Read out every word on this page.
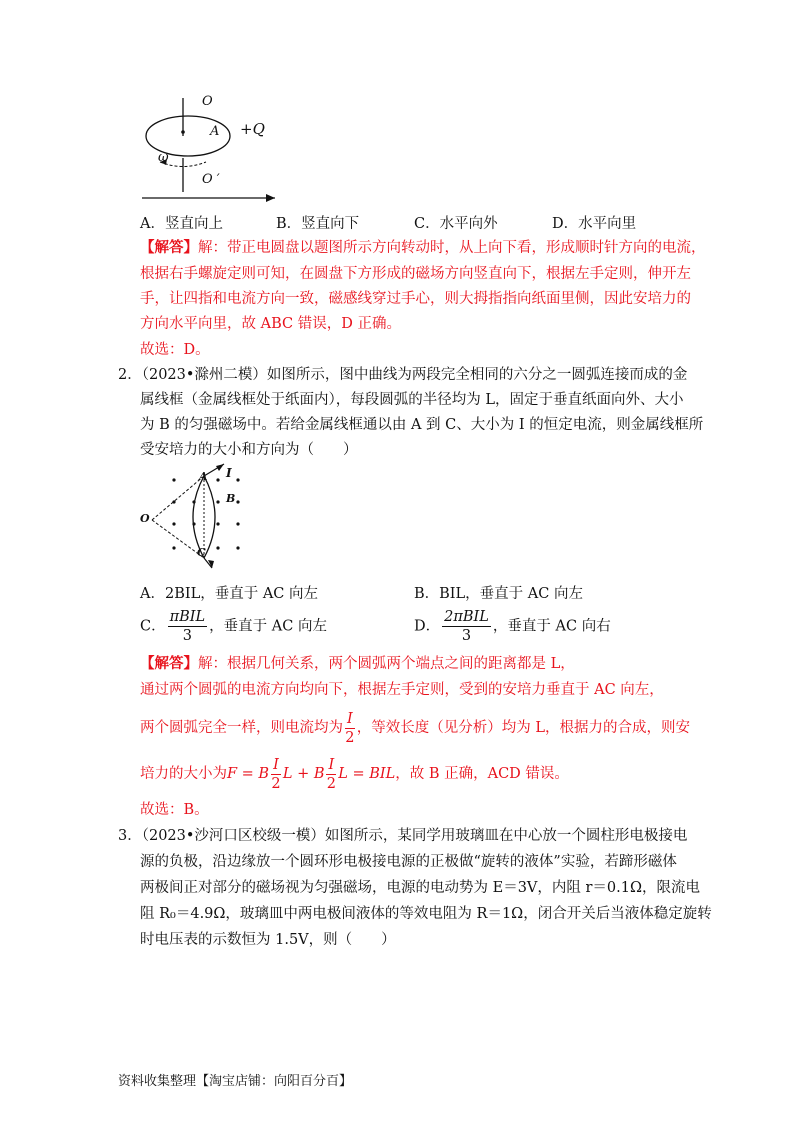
O
A +Q
ω
O ′
A．竖直向上	B．竖直向下	C．水平向外	D．水平向里
【解答】解：带正电圆盘以题图所示方向转动时，从上向下看，形成顺时针方向的电流，
根据右手螺旋定则可知，在圆盘下方形成的磁场方向竖直向下，根据左手定则，伸开左
手，让四指和电流方向一致，磁感线穿过手心，则大拇指指向纸面里侧，因此安培力的
方向水平向里，故 ABC 错误，D 正确。
故选：D。
2．（2023•滁州二模）如图所示，图中曲线为两段完全相同的六分之一圆弧连接而成的金
属线框（金属线框处于纸面内），每段圆弧的半径均为 L，固定于垂直纸面向外、大小
为 B 的匀强磁场中。若给金属线框通以由 A 到 C、大小为 I 的恒定电流，则金属线框所
受安培力的大小和方向为（　　）
O
A I
B
C
A．2BIL，垂直于 AC 向左	B．BIL，垂直于 AC 向左
C． $\frac{\text{πBIL}}{3}$ ，垂直于 AC 向左	D． $\frac{\text{2πBIL}}{3}$ ，垂直于 AC 向右
【解答】解：根据几何关系，两个圆弧两个端点之间的距离都是 L，
通过两个圆弧的电流方向均向下，根据左手定则，受到的安培力垂直于 AC 向左，
两个圆弧完全一样，则电流均为 $\frac{I}{2}$ ，等效长度（见分析）均为 L，根据力的合成，则安
培力的大小为F = B $\frac{I}{2}$ L + B $\frac{I}{2}$ L = BIL，故 B 正确，ACD 错误。
故选：B。
3．（2023•沙河口区校级一模）如图所示，某同学用玻璃皿在中心放一个圆柱形电极接电
源的负极，沿边缘放一个圆环形电极接电源的正极做“旋转的液体”实验，若蹄形磁体
两极间正对部分的磁场视为匀强磁场，电源的电动势为 E＝3V，内阻 r＝0.1Ω，限流电
阻 R₀＝4.9Ω，玻璃皿中两电极间液体的等效电阻为 R＝1Ω，闭合开关后当液体稳定旋转
时电压表的示数恒为 1.5V，则（　　）
资料收集整理【淘宝店铺：向阳百分百】
